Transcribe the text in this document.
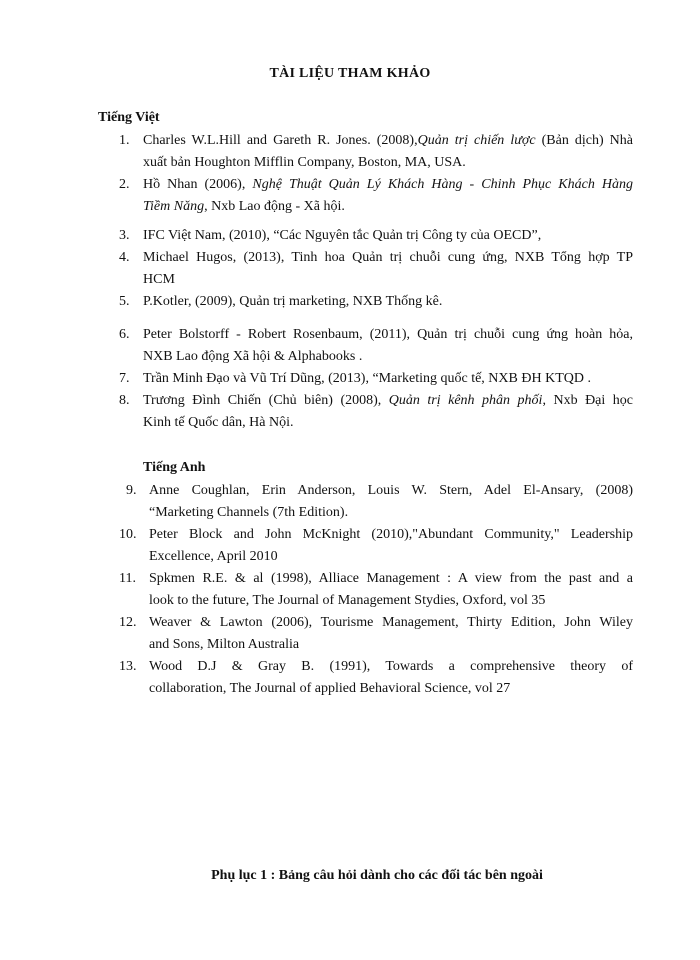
TÀI LIỆU THAM KHẢO
Tiếng Việt
1. Charles W.L.Hill and Gareth R. Jones. (2008),Quản trị chiến lược (Bản dịch) Nhà
xuất bản Houghton Mifflin Company, Boston, MA, USA.
2. Hồ Nhan (2006), Nghệ Thuật Quản Lý Khách Hàng - Chinh Phục Khách Hàng
Tiềm Năng, Nxb Lao động - Xã hội.
3. IFC Việt Nam, (2010), “Các Nguyên tắc Quản trị Công ty của OECD”,
4. Michael Hugos, (2013), Tinh hoa Quản trị chuỗi cung ứng, NXB Tổng hợp TP
HCM
5. P.Kotler, (2009), Quản trị marketing, NXB Thống kê.
6. Peter Bolstorff - Robert Rosenbaum, (2011), Quản trị chuỗi cung ứng hoàn hỏa,
NXB Lao động Xã hội & Alphabooks .
7. Trần Minh Đạo và Vũ Trí Dũng, (2013), “Marketing quốc tế, NXB ĐH KTQD .
8. Trương Đình Chiến (Chủ biên) (2008), Quản trị kênh phân phối, Nxb Đại học
Kinh tế Quốc dân, Hà Nội.
9. Anne Coughlan, Erin Anderson, Louis W. Stern, Adel El-Ansary, (2008)
“Marketing Channels (7th Edition).
10. Peter Block and John McKnight (2010),"Abundant Community," Leadership
Excellence, April 2010
11. Spkmen R.E. & al (1998), Alliace Management : A view from the past and a
look to the future, The Journal of Management Stydies, Oxford, vol 35
12. Weaver & Lawton (2006), Tourisme Management, Thirty Edition, John Wiley
and Sons, Milton Australia
13. Wood D.J & Gray B. (1991), Towards a comprehensive theory of
collaboration, The Journal of applied Behavioral Science, vol 27
Tiếng Anh
Phụ lục 1 : Bảng câu hỏi dành cho các đối tác bên ngoài
